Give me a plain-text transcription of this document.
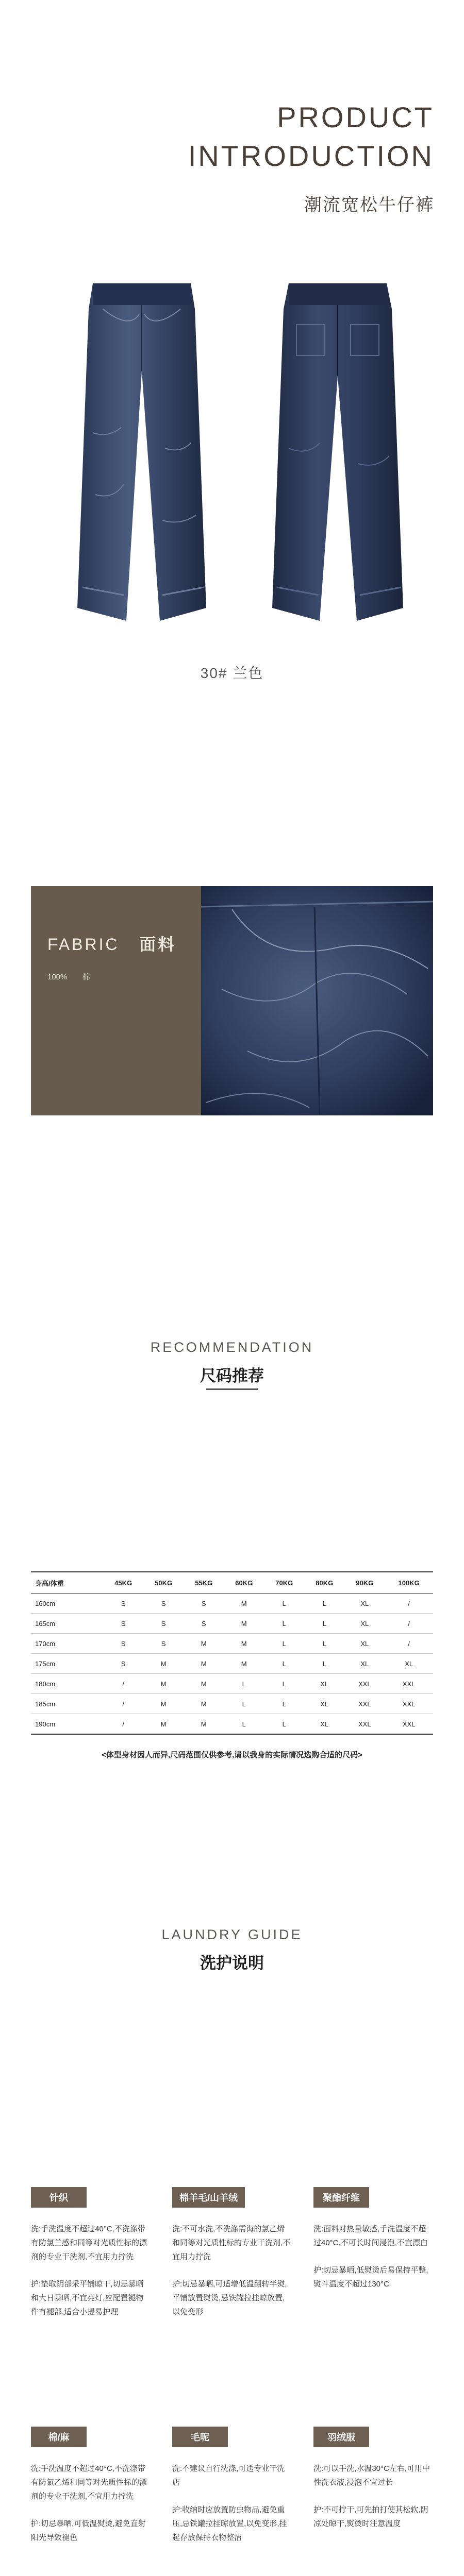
PRODUCT
INTRODUCTION
潮流宽松牛仔裤
30# 兰色
FABRIC 面料
100% 棉
RECOMMENDATION
尺码推荐
身高/体重	45KG	50KG	55KG	60KG	70KG	80KG	90KG	100KG
160cm	S	S	S	M	L	L	XL	/
165cm	S	S	S	M	L	L	XL	/
170cm	S	S	M	M	L	L	XL	/
175cm	S	M	M	M	L	L	XL	XL
180cm	/	M	M	L	L	XL	XXL	XXL
185cm	/	M	M	L	L	XL	XXL	XXL
190cm	/	M	M	L	L	XL	XXL	XXL
<体型身材因人而异,尺码范围仅供参考,请以我身的实际情况选购合适的尺码>
LAUNDRY GUIDE
洗护说明
针织

洗:手洗温度不超过40°C,不洗涤带有防氯兰感和同等对光质性标的漂剂的专业干洗剂,不宜用力拧洗

护:垫取阴部采平铺晾干,切忌暴晒和大日暴晒,不宜亮灯,应配置褪物件有褪部,适合小提易护理

棉羊毛/山羊绒

洗:不可水洗,不洗涤需海的氯乙烯和同等对光质性标的专业干洗剂,不宜用力拧洗

护:切忌暴晒,可适增低温翻转半熨,平铺放置熨烫,忌铁罐拉挂晾放置,以免变形

聚酯纤维

洗:面料对热量敏感,手洗温度不超过40°C,不可长时间浸泡,不宜漂白

护:切忌暴晒,低熨烫后易保持平整,熨斗温度不超过130°C

棉/麻

洗:手洗温度不超过40°C,不洗涤带有防氯乙烯和同等对光质性标的漂剂的专业干洗剂,不宜用力拧洗

护:切忌暴晒,可低温熨烫,避免直射阳光导致褪色

毛呢

洗:不建议自行洗涤,可送专业干洗店

护:收纳时应放置防虫物品,避免重压,忌铁罐拉挂晾放置,以免变形,挂起存放保持衣物整洁

羽绒服

洗:可以手洗,水温30°C左右,可用中性洗衣液,浸泡不宜过长

护:不可拧干,可先拍打使其松软,阴凉处晾干,熨烫时注意温度
